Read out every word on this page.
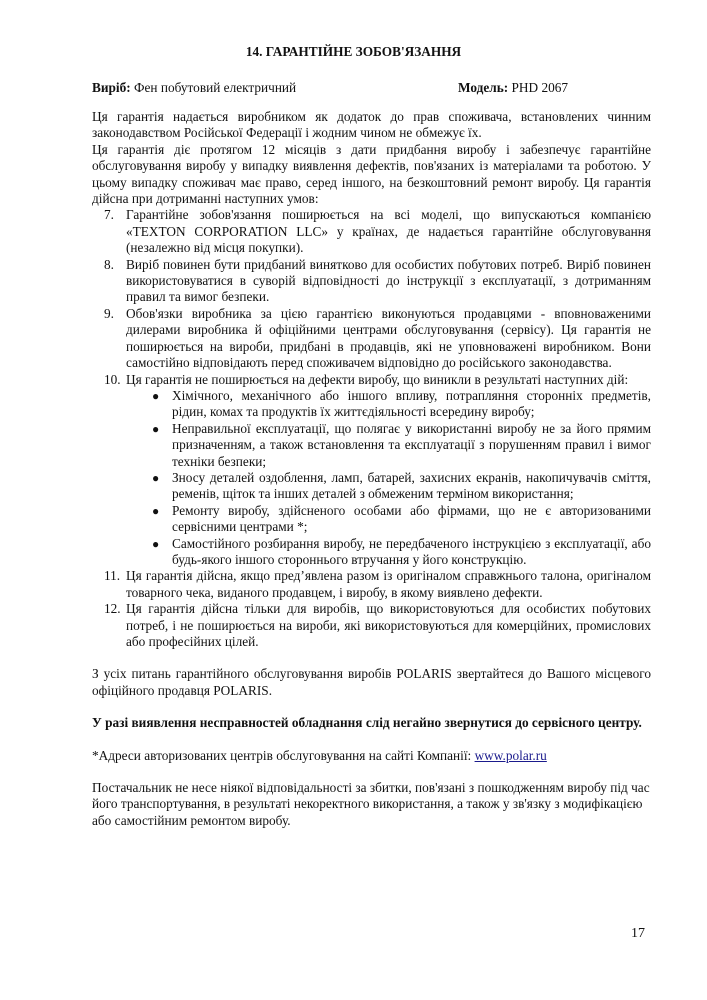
14. ГАРАНТІЙНЕ ЗОБОВ'ЯЗАННЯ
Виріб: Фен побутовий електричний	Модель: PHD 2067

Ця гарантія надається виробником як додаток до прав споживача, встановлених чинним законодавством Російської Федерації і жодним чином не обмежує їх.

Ця гарантія діє протягом 12 місяців з дати придбання виробу і забезпечує гарантійне обслуговування виробу у випадку виявлення дефектів, пов'язаних із матеріалами та роботою. У цьому випадку споживач має право, серед іншого, на безкоштовний ремонт виробу. Ця гарантія дійсна при дотриманні наступних умов:

7. Гарантійне зобов'язання поширюється на всі моделі, що випускаються компанією «TEXTON CORPORATION LLC» у країнах, де надається гарантійне обслуговування (незалежно від місця покупки).
8. Виріб повинен бути придбаний винятково для особистих побутових потреб. Виріб повинен використовуватися в суворій відповідності до інструкції з експлуатації, з дотриманням правил та вимог безпеки.
9. Обов'язки виробника за цією гарантією виконуються продавцями - вповноваженими дилерами виробника й офіційними центрами обслуговування (сервісу). Ця гарантія не поширюється на вироби, придбані в продавців, які не уповноважені виробником. Вони самостійно відповідають перед споживачем відповідно до російського законодавства.
10. Ця гарантія не поширюється на дефекти виробу, що виникли в результаті наступних дій:
● Хімічного, механічного або іншого впливу, потрапляння сторонніх предметів, рідин, комах та продуктів їх життєдіяльності всередину виробу;
● Неправильної експлуатації, що полягає у використанні виробу не за його прямим призначенням, а також встановлення та експлуатації з порушенням правил і вимог техніки безпеки;
● Зносу деталей оздоблення, ламп, батарей, захисних екранів, накопичувачів сміття, ременів, щіток та інших деталей з обмеженим терміном використання;
● Ремонту виробу, здійсненого особами або фірмами, що не є авторизованими сервісними центрами *;
● Самостійного розбирання виробу, не передбаченого інструкцією з експлуатації, або будь-якого іншого стороннього втручання у його конструкцію.
11. Ця гарантія дійсна, якщо пред’явлена разом із оригіналом справжнього талона, оригіналом товарного чека, виданого продавцем, і виробу, в якому виявлено дефекти.
12. Ця гарантія дійсна тільки для виробів, що використовуються для особистих побутових потреб, і не поширюється на вироби, які використовуються для комерційних, промислових або професійних цілей.

З усіх питань гарантійного обслуговування виробів POLARIS звертайтеся до Вашого місцевого офіційного продавця POLARIS.

У разі виявлення несправностей обладнання слід негайно звернутися до сервісного центру.

*Адреси авторизованих центрів обслуговування на сайті Компанії: www.polar.ru

Постачальник не несе ніякої відповідальності за збитки, пов'язані з пошкодженням виробу під час його транспортування, в результаті некоректного використання, а також у зв'язку з модифікацією або самостійним ремонтом виробу.

17
